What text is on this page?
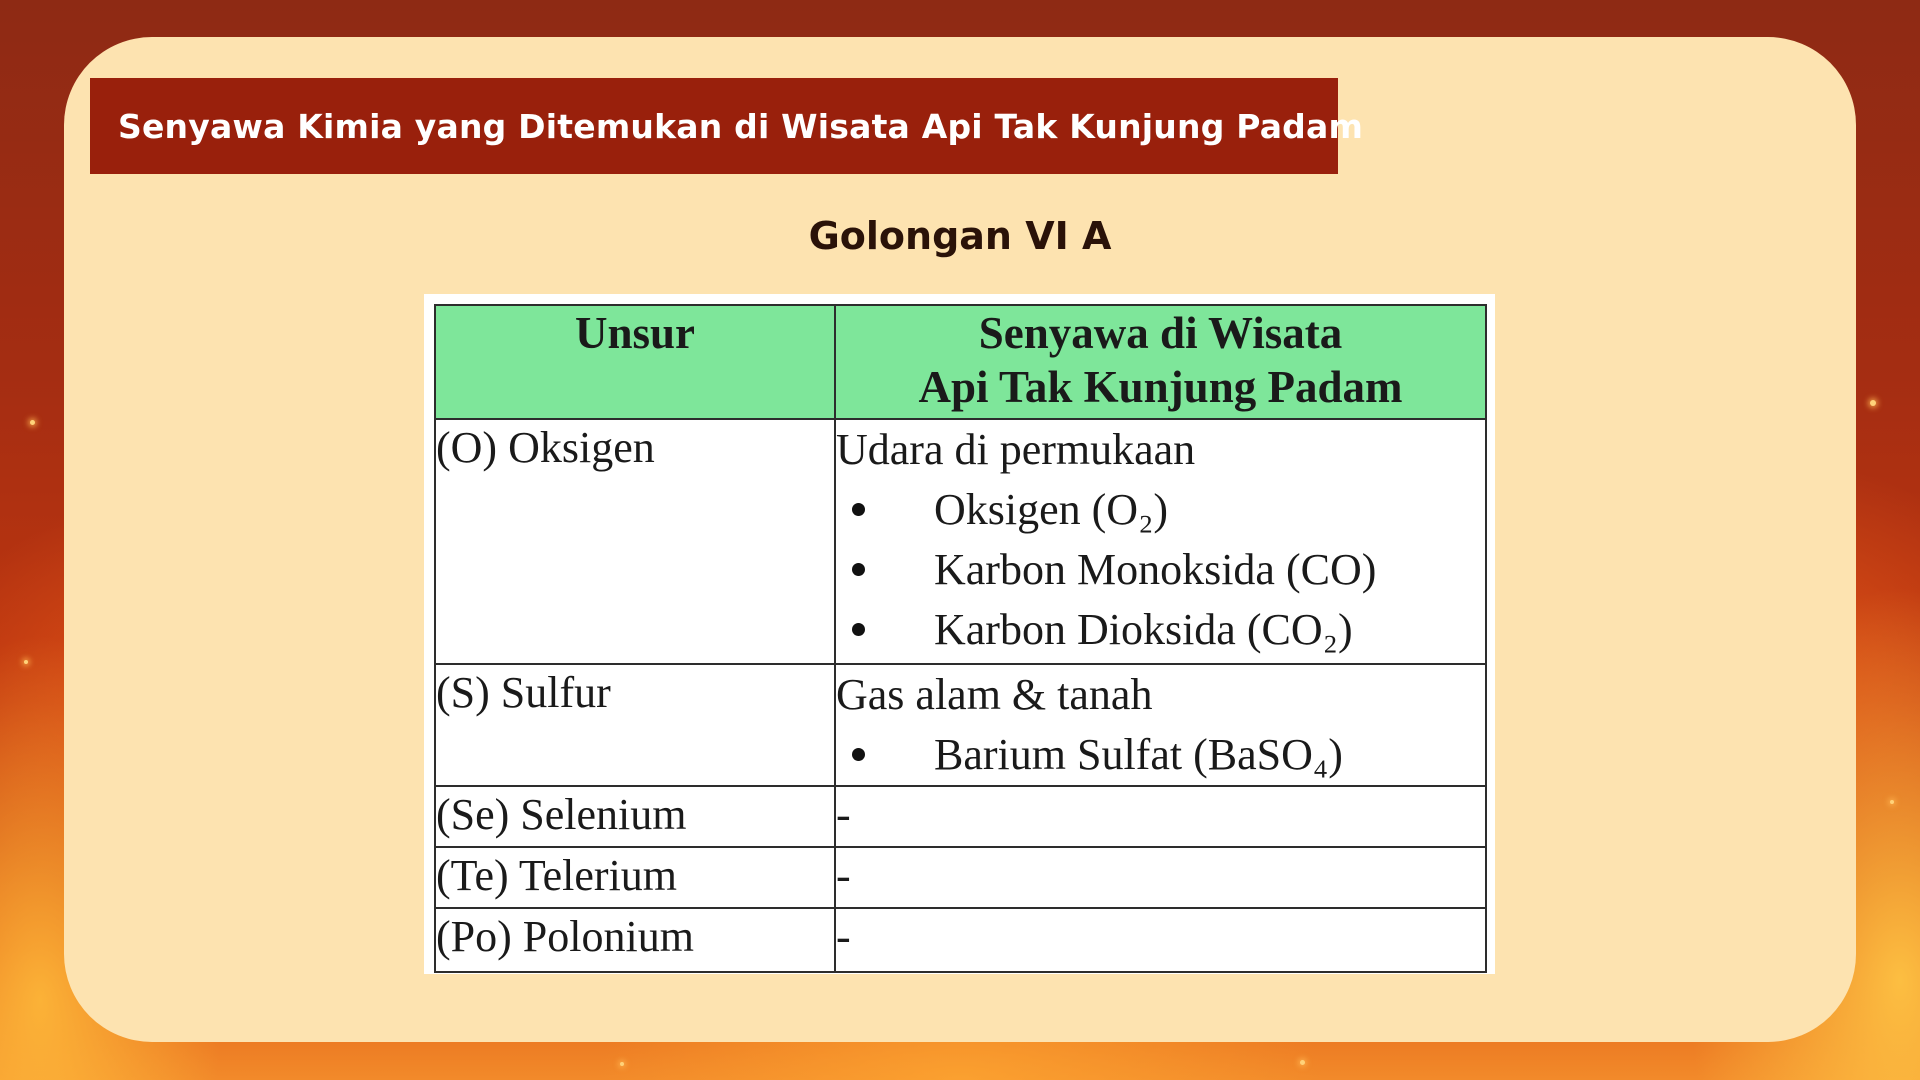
Senyawa Kimia yang Ditemukan di Wisata Api Tak Kunjung Padam
Golongan VI A
Unsur	Senyawa di Wisata
Api Tak Kunjung Padam

(O) Oksigen	Udara di permukaan
Oksigen (O₂)
Karbon Monoksida (CO)
Karbon Dioksida (CO₂)

(S) Sulfur	Gas alam & tanah
Barium Sulfat (BaSO₄)

(Se) Selenium	-
(Te) Telerium	-
(Po) Polonium	-
